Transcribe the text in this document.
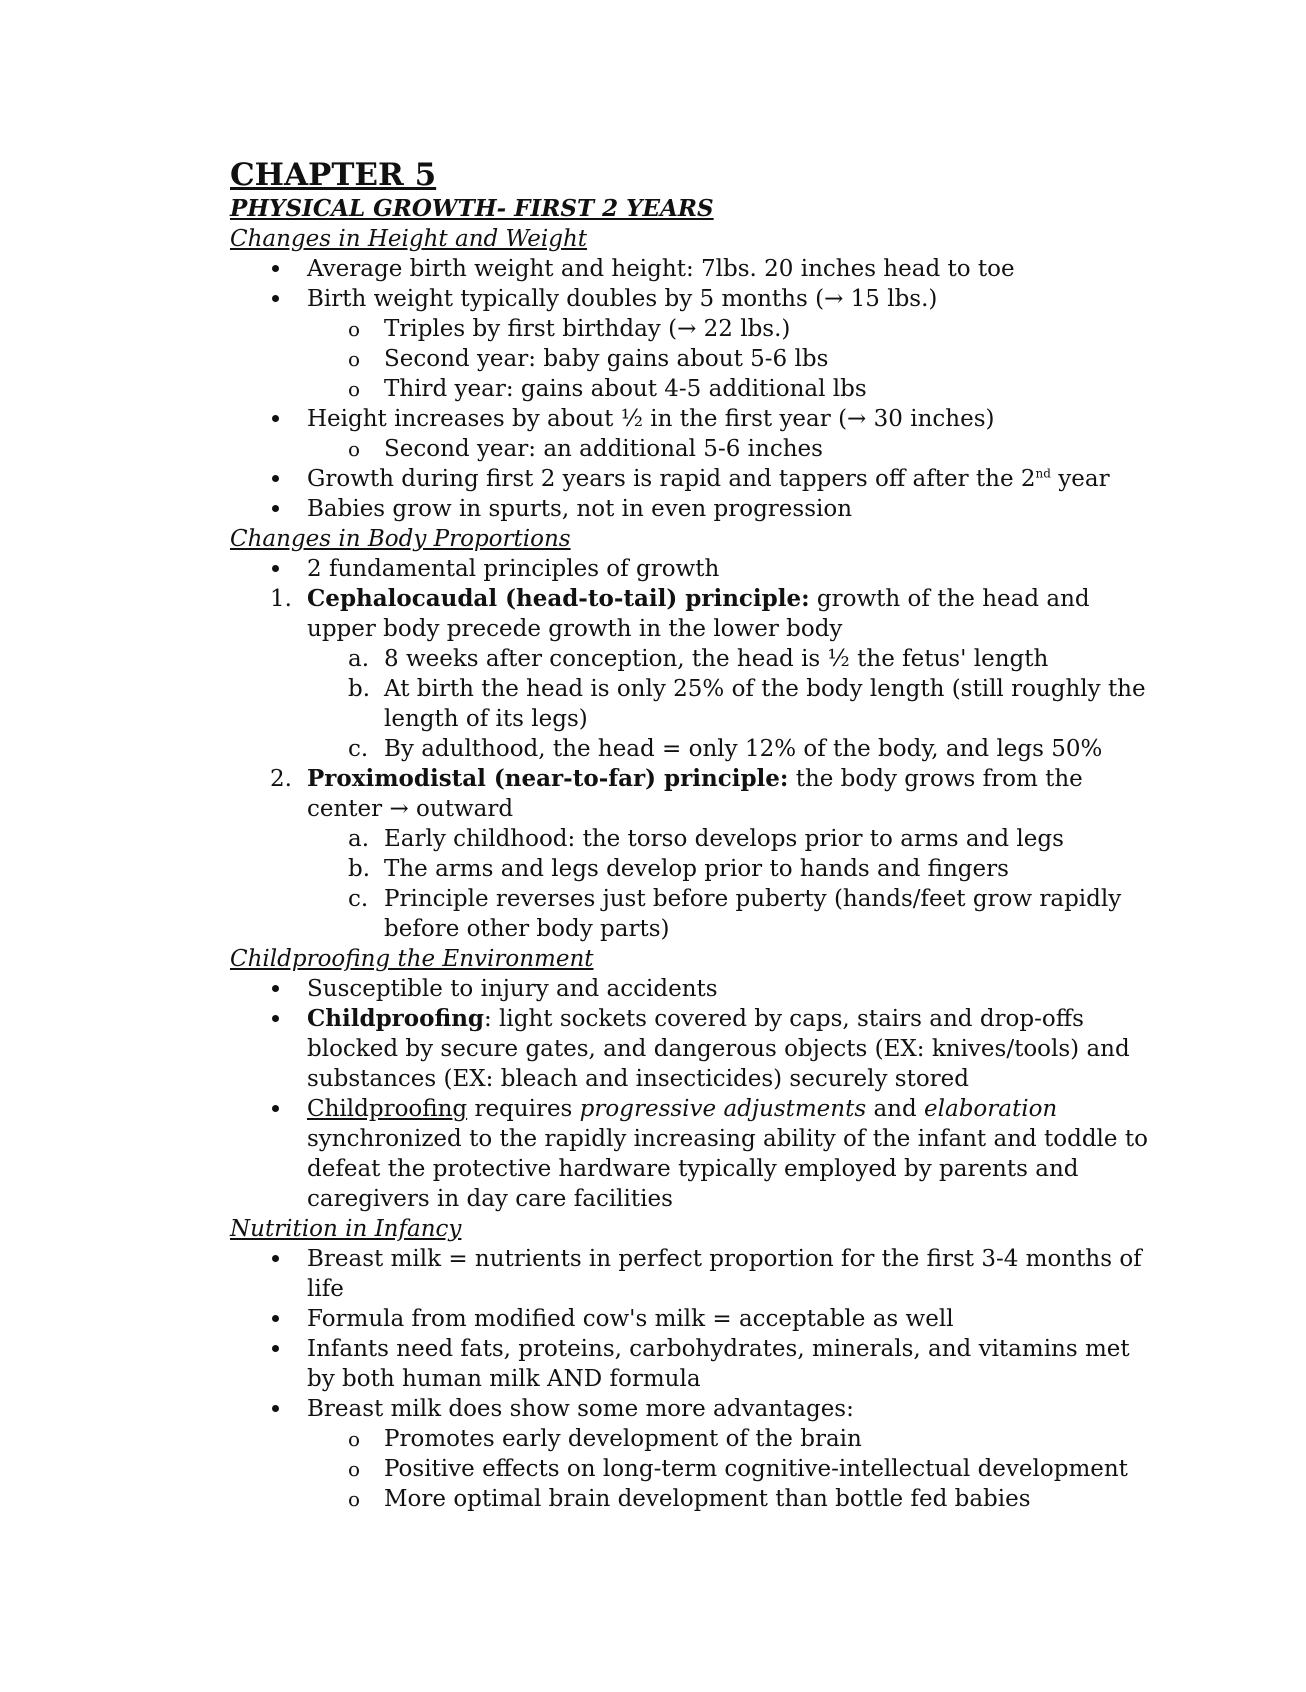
CHAPTER 5
PHYSICAL GROWTH- FIRST 2 YEARS
Changes in Height and Weight
Average birth weight and height: 7lbs. 20 inches head to toe
Birth weight typically doubles by 5 months (→ 15 lbs.)
o	Triples by first birthday (→ 22 lbs.)
o	Second year: baby gains about 5-6 lbs
o	Third year: gains about 4-5 additional lbs
Height increases by about ½ in the first year (→ 30 inches)
o	Second year: an additional 5-6 inches
Growth during first 2 years is rapid and tappers off after the 2nd year
Babies grow in spurts, not in even progression
Changes in Body Proportions
2 fundamental principles of growth
1. Cephalocaudal (head-to-tail) principle: growth of the head and upper body precede growth in the lower body
a. 8 weeks after conception, the head is ½ the fetus' length
b. At birth the head is only 25% of the body length (still roughly the length of its legs)
c. By adulthood, the head = only 12% of the body, and legs 50%
2. Proximodistal (near-to-far) principle: the body grows from the center → outward
a. Early childhood: the torso develops prior to arms and legs
b. The arms and legs develop prior to hands and fingers
c. Principle reverses just before puberty (hands/feet grow rapidly before other body parts)
Childproofing the Environment
Susceptible to injury and accidents
Childproofing: light sockets covered by caps, stairs and drop-offs blocked by secure gates, and dangerous objects (EX: knives/tools) and substances (EX: bleach and insecticides) securely stored
Childproofing requires progressive adjustments and elaboration synchronized to the rapidly increasing ability of the infant and toddle to defeat the protective hardware typically employed by parents and caregivers in day care facilities
Nutrition in Infancy
Breast milk = nutrients in perfect proportion for the first 3-4 months of life
Formula from modified cow's milk = acceptable as well
Infants need fats, proteins, carbohydrates, minerals, and vitamins met by both human milk AND formula
Breast milk does show some more advantages:
o	Promotes early development of the brain
o	Positive effects on long-term cognitive-intellectual development
o	More optimal brain development than bottle fed babies
